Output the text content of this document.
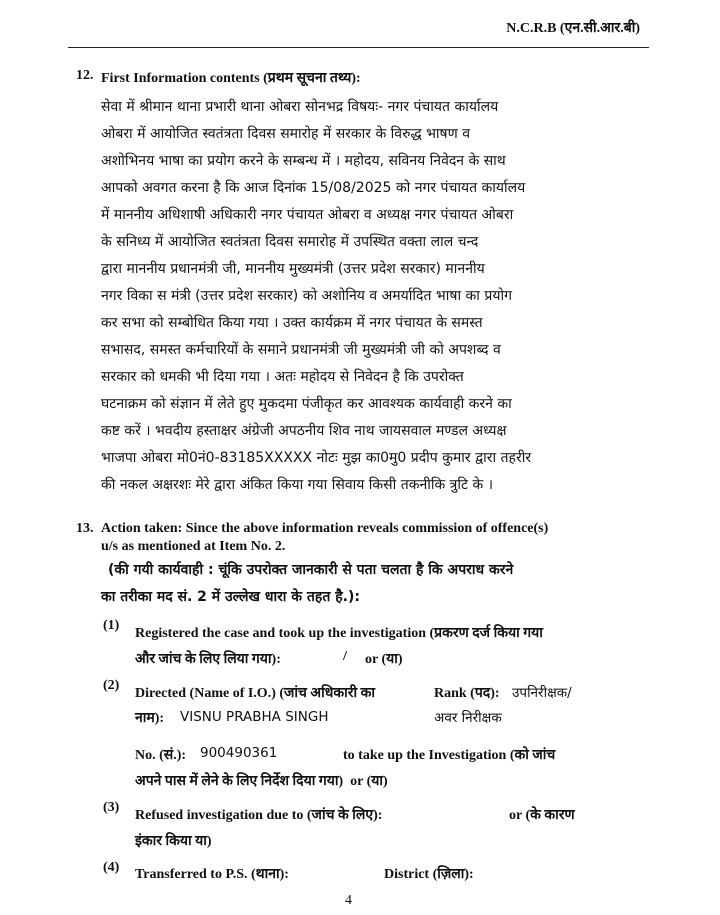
N.C.R.B (एन.सी.आर.बी)
12. First Information contents (प्रथम सूचना तथ्य):
सेवा में श्रीमान थाना प्रभारी थाना ओबरा सोनभद्र विषयः- नगर पंचायत कार्यालय
ओबरा में आयोजित स्वतंत्रता दिवस समारोह में सरकार के विरुद्ध भाषण व
अशोभिनय भाषा का प्रयोग करने के सम्बन्ध में । महोदय, सविनय निवेदन के साथ
आपको अवगत करना है कि आज दिनांक 15/08/2025 को नगर पंचायत कार्यालय
में माननीय अधिशाषी अधिकारी नगर पंचायत ओबरा व अध्यक्ष नगर पंचायत ओबरा
के सनिध्य में आयोजित स्वतंत्रता दिवस समारोह में उपस्थित वक्ता लाल चन्द
द्वारा माननीय प्रधानमंत्री जी, माननीय मुख्यमंत्री (उत्तर प्रदेश सरकार) माननीय
नगर विका स मंत्री (उत्तर प्रदेश सरकार) को अशोनिय व अमर्यादित भाषा का प्रयोग
कर सभा को सम्बोधित किया गया । उक्त कार्यक्रम में नगर पंचायत के समस्त
सभासद, समस्त कर्मचारियों के समाने प्रधानमंत्री जी मुख्यमंत्री जी को अपशब्द व
सरकार को धमकी भी दिया गया । अतः महोदय से निवेदन है कि उपरोक्त
घटनाक्रम को संज्ञान में लेते हुए मुकदमा पंजीकृत कर आवश्यक कार्यवाही करने का
कष्ट करें । भवदीय हस्ताक्षर अंग्रेजी अपठनीय शिव नाथ जायसवाल मण्डल अध्यक्ष
भाजपा ओबरा मो0नं0-83185XXXXX नोटः मुझ का0मु0 प्रदीप कुमार द्वारा तहरीर
की नकल अक्षरशः मेरे द्वारा अंकित किया गया सिवाय किसी तकनीकि त्रुटि के ।
13. Action taken: Since the above information reveals commission of offence(s)
u/s as mentioned at Item No. 2.
(की गयी कार्यवाही : चूंकि उपरोक्त जानकारी से पता चलता है कि अपराध करने
का तरीका मद सं. 2 में उल्लेख धारा के तहत है.):
(1)
Registered the case and took up the investigation (प्रकरण दर्ज किया गया
और जांच के लिए लिया गया):	/ or (या)
(2)
Directed (Name of I.O.) (जांच अधिकारी का
नाम): VISNU PRABHA SINGH
Rank (पद): उपनिरीक्षक/
अवर निरीक्षक
No. (सं.): 900490361	to take up the Investigation (को जांच
अपने पास में लेने के लिए निर्देश दिया गया)  or (या)
(3)
Refused investigation due to (जांच के लिए):	or (के कारण
इंकार किया या)
(4) Transferred to P.S. (थाना):	District (ज़िला):
4
